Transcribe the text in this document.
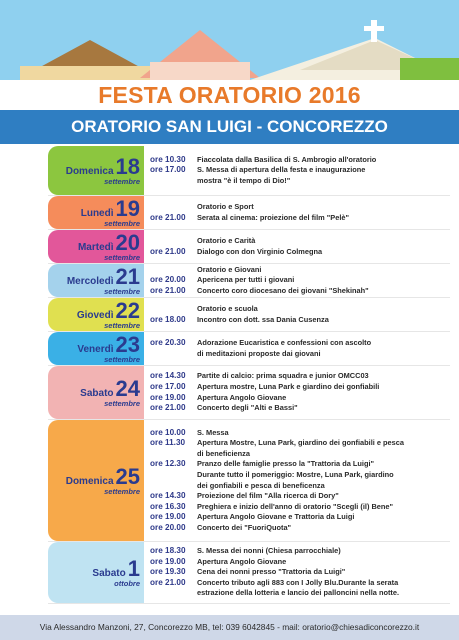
FESTA ORATORIO 2016
ORATORIO SAN LUIGI - CONCOREZZO
Domenica 18
settembre
ore 10.30	Fiaccolata dalla Basilica di S. Ambrogio all'oratorio
ore 17.00	S. Messa di apertura della festa e inaugurazione
mostra "è il tempo di Dio!"
Lunedì 19
settembre
Oratorio e Sport
ore 21.00	Serata al cinema: proiezione del film "Pelè"
Martedì 20
settembre
Oratorio e Carità
ore 21.00	Dialogo con don Virginio Colmegna
Mercoledì 21
settembre
Oratorio e Giovani
ore 20.00	Apericena per tutti i giovani
ore 21.00	Concerto coro diocesano dei giovani "Shekinah"
Giovedì 22
settembre
Oratorio e scuola
ore 18.00	Incontro con dott. ssa Dania Cusenza
Venerdì 23
settembre
ore 20.30	Adorazione Eucaristica e confessioni con ascolto
di meditazioni proposte dai giovani
Sabato 24
settembre
ore 14.30	Partite di calcio: prima squadra e junior OMCC03
ore 17.00	Apertura mostre, Luna Park e giardino dei gonfiabili
ore 19.00	Apertura Angolo Giovane
ore 21.00	Concerto degli "Alti e Bassi"
Domenica 25
settembre
ore 10.00	S. Messa
ore 11.30	Apertura Mostre, Luna Park, giardino dei gonfiabili e pesca
di beneficienza
ore 12.30	Pranzo delle famiglie presso la "Trattoria da Luigi"
Durante tutto il pomeriggio: Mostre, Luna Park, giardino
dei gonfiabili e pesca di beneficenza
ore 14.30	Proiezione del film "Alla ricerca di Dory"
ore 16.30	Preghiera e inizio dell'anno di oratorio "Scegli (il) Bene"
ore 19.00	Apertura Angolo Giovane e Trattoria da Luigi
ore 20.00	Concerto dei "FuoriQuota"
Sabato 1
ottobre
ore 18.30	S. Messa dei nonni (Chiesa parrocchiale)
ore 19.00	Apertura Angolo Giovane
ore 19.30	Cena dei nonni presso "Trattoria da Luigi"
ore 21.00	Concerto tributo agli 883 con I Jolly Blu.Durante la serata
estrazione della lotteria e lancio dei palloncini nella notte.
Via Alessandro Manzoni, 27, Concorezzo MB, tel: 039 6042845 - mail: oratorio@chiesadiconcorezzo.it
